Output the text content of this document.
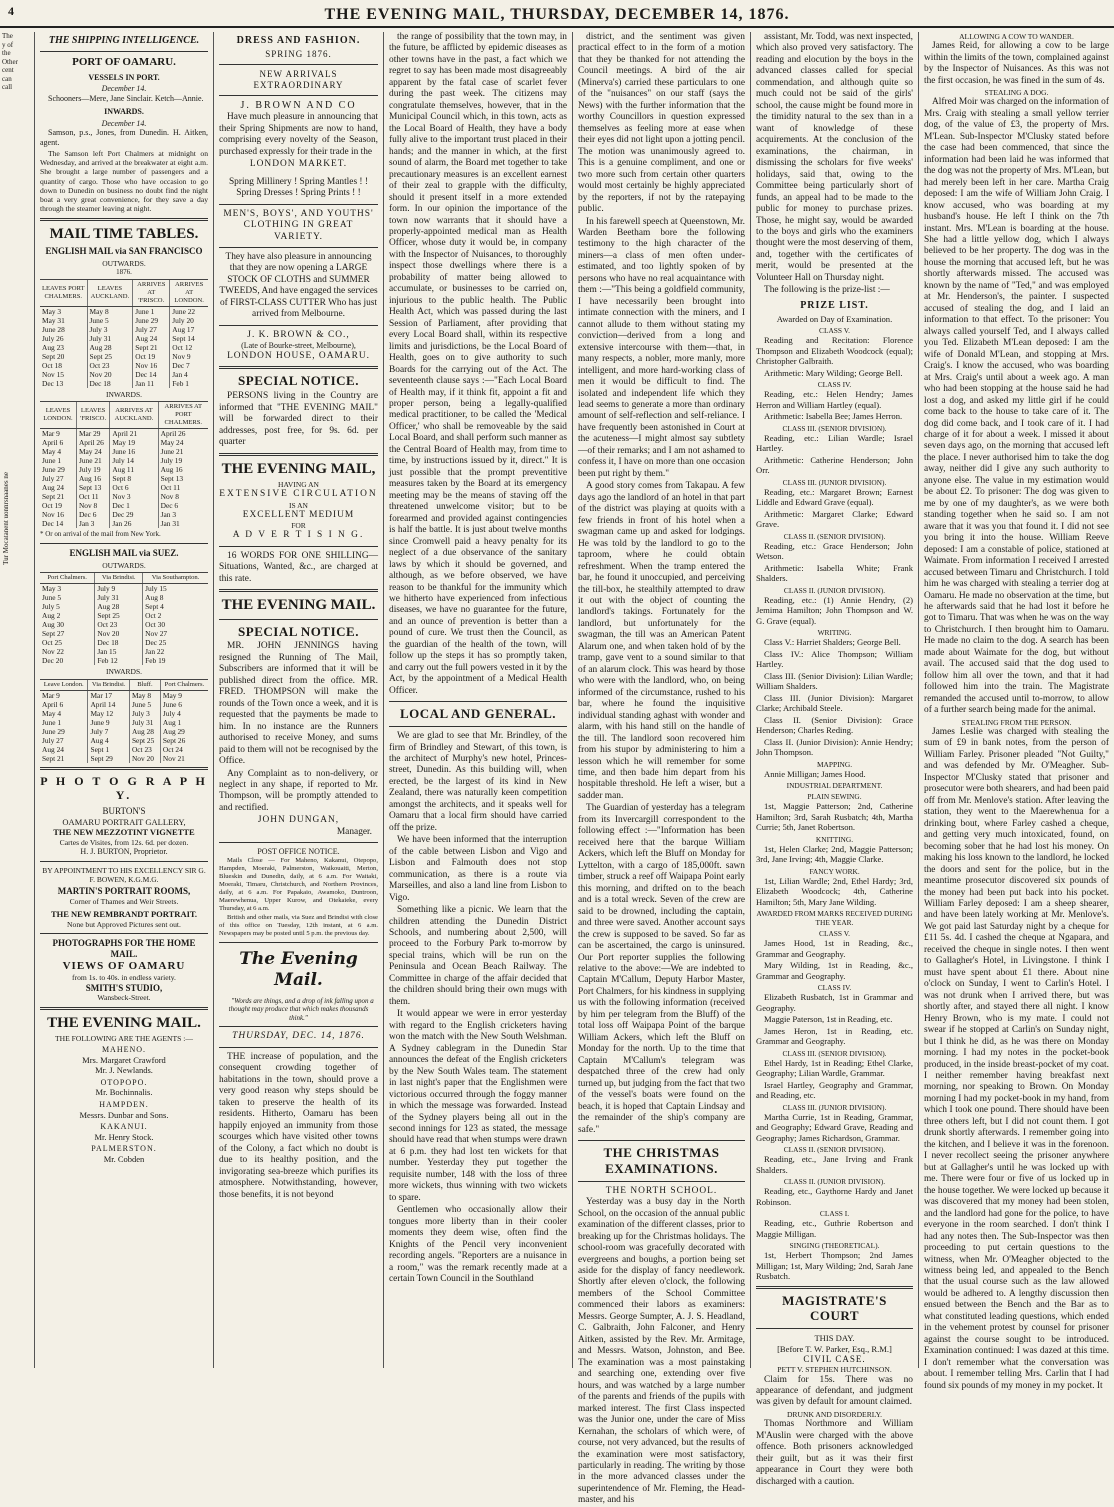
4	THE EVENING MAIL, THURSDAY, DECEMBER 14, 1876.
The
y of
the
Other
cent
can
call
Tur Mocatanent uonnrsnaanes ne
THE SHIPPING INTELLIGENCE.
PORT OF OAMARU.
VESSELS IN PORT.
December 14.

Schooners—Mere, Jane Sinclair. Ketch—Annie.

INWARDS.
December 14.

Samson, p.s., Jones, from Dunedin. H. Aitken, agent.

The Samson left Port Chalmers at midnight on Wednesday, and arrived at the breakwater at eight a.m. She brought a large number of passengers and a quantity of cargo. Those who have occasion to go down to Dunedin on business no doubt find the night boat a very great convenience, for they save a day through the steamer leaving at night.

MAIL TIME TABLES.
ENGLISH MAIL via SAN FRANCISCO
OUTWARDS.
1876.
LEAVES PORT CHALMERS.	LEAVES AUCKLAND.	ARRIVES AT 'FRISCO.	ARRIVES AT LONDON.
May 3	May 8	June 1	June 22
May 31	June 5	June 29	July 20
June 28	July 3	July 27	Aug 17
July 26	July 31	Aug 24	Sept 14
Aug 23	Aug 28	Sept 21	Oct 12
Sept 20	Sept 25	Oct 19	Nov 9
Oct 18	Oct 23	Nov 16	Dec 7
Nov 15	Nov 20	Dec 14	Jan 4
Dec 13	Dec 18	Jan 11	Feb 1
INWARDS.
LEAVES LONDON.	LEAVES 'FRISCO.	ARRIVES AT AUCKLAND.	ARRIVES AT PORT CHALMERS.
Mar 9	Mar 29	April 21	April 26
April 6	April 26	May 19	May 24
May 4	May 24	June 16	June 21
June 1	June 21	July 14	July 19
June 29	July 19	Aug 11	Aug 16
July 27	Aug 16	Sept 8	Sept 13
Aug 24	Sept 13	Oct 6	Oct 11
Sept 21	Oct 11	Nov 3	Nov 8
Oct 19	Nov 8	Dec 1	Dec 6
Nov 16	Dec 6	Dec 29	Jan 3
Dec 14	Jan 3	Jan 26	Jan 31
* Or on arrival of the mail from New York.
ENGLISH MAIL via SUEZ.
OUTWARDS.
Port Chalmers.	Via Brindisi.	Via Southampton.
May 3	July 9	July 15
June 5	July 31	Aug 8
July 5	Aug 28	Sept 4
Aug 2	Sept 25	Oct 2
Aug 30	Oct 23	Oct 30
Sept 27	Nov 20	Nov 27
Oct 25	Dec 18	Dec 25
Nov 22	Jan 15	Jan 22
Dec 20	Feb 12	Feb 19
INWARDS.
Leave London.	Via Brindisi.	Bluff.	Port Chalmers.
Mar 9	Mar 17	May 8	May 9
April 6	April 14	June 5	June 6
May 4	May 12	July 3	July 4
June 1	June 9	July 31	Aug 1
June 29	July 7	Aug 28	Aug 29
July 27	Aug 4	Sept 25	Sept 26
Aug 24	Sept 1	Oct 23	Oct 24
Sept 21	Sept 29	Nov 20	Nov 21
P H O T O G R A P H Y.
BURTON'S
OAMARU PORTRAIT GALLERY,
THE NEW MEZZOTINT VIGNETTE
Cartes de Visites, from 12s. 6d. per dozen.
H. J. BURTON, Proprietor.
BY APPOINTMENT TO HIS EXCELLENCY SIR G. F. BOWEN, K.G.M.G.
MARTIN'S PORTRAIT ROOMS,
Corner of Thames and Weir Streets.
THE NEW REMBRANDT PORTRAIT.
None but Approved Pictures sent out.
PHOTOGRAPHS FOR THE HOME MAIL.
VIEWS OF OAMARU
from 1s. to 40s. in endless variety.
SMITH'S STUDIO,
Wansbeck-Street.
THE EVENING MAIL.
THE FOLLOWING ARE THE AGENTS :—
MAHENO.
Mrs. Margaret Crawford
Mr. J. Newlands.
OTOPOPO.
Mr. Bochinnalis.
HAMPDEN.
Messrs. Dunbar and Sons.
KAKANUI.
Mr. Henry Stock.
PALMERSTON.
Mr. Cobden
DRESS AND FASHION.
SPRING 1876.
NEW ARRIVALS EXTRAORDINARY
J. BROWN AND CO

Have much pleasure in announcing that their Spring Shipments are now to hand, comprising every novelty of the Season, purchased expressly for their trade in the

LONDON MARKET.
Spring Millinery ! Spring Mantles ! !
Spring Dresses ! Spring Prints ! !
MEN'S, BOYS', AND YOUTHS' CLOTHING IN GREAT VARIETY.

They have also pleasure in announcing that they are now opening a LARGE STOCK OF CLOTHS and SUMMER TWEEDS, And have engaged the services of FIRST-CLASS CUTTER Who has just arrived from Melbourne.

J. K. BROWN & CO.,
(Late of Bourke-street, Melbourne),
LONDON HOUSE, OAMARU.
SPECIAL NOTICE.

PERSONS living in the Country are informed that "THE EVENING MAIL" will be forwarded direct to their addresses, post free, for 9s. 6d. per quarter

THE EVENING MAIL,
HAVING AN
EXTENSIVE CIRCULATION
IS AN
EXCELLENT MEDIUM
FOR
A D V E R T I S I N G.

16 WORDS FOR ONE SHILLING— Situations, Wanted, &c., are charged at this rate.

THE EVENING MAIL.
SPECIAL NOTICE.

MR. JOHN JENNINGS having resigned the Running of The Mail, Subscribers are informed that it will be published direct from the office. MR. FRED. THOMPSON will make the rounds of the Town once a week, and it is requested that the payments be made to him. In no instance are the Runners authorised to receive Money, and sums paid to them will not be recognised by the Office.

Any Complaint as to non-delivery, or neglect in any shape, if reported to Mr. Thompson, will be promptly attended to and rectified.

JOHN DUNGAN,
Manager.
POST OFFICE NOTICE.

Mails Close — For Maheno, Kakanui, Otepopo, Hampden, Moeraki, Palmerston, Waikouaiti, Merton, Blueskin and Dunedin, daily, at 6 a.m. For Waitaki, Moeraki, Timaru, Christchurch, and Northern Provinces, daily, at 6 a.m. For Papakaio, Awamoko, Duntroon, Maerewhenua, Upper Kurow, and Otekaieke, every Thursday, at 6 a.m.

British and other mails, via Suez and Brindisi with close of this office on Tuesday, 12th instant, at 6 a.m. Newspapers may be posted until 5 p.m. the previous day.

The Evening Mail.

"Words are things, and a drop of ink falling upon a thought may produce that which makes thousands think."

THURSDAY, DEC. 14, 1876.

THE increase of population, and the consequent crowding together of habitations in the town, should prove a very good reason why steps should be taken to preserve the health of its residents. Hitherto, Oamaru has been happily enjoyed an immunity from those scourges which have visited other towns of the Colony, a fact which no doubt is due to its healthy position, and the invigorating sea-breeze which purifies its atmosphere. Notwithstanding, however, those benefits, it is not beyond

the range of possibility that the town may, in the future, be afflicted by epidemic diseases as other towns have in the past, a fact which we regret to say has been made most disagreeably apparent by the fatal case of scarlet fever during the past week. The citizens may congratulate themselves, however, that in the Municipal Council which, in this town, acts as the Local Board of Health, they have a body fully alive to the important trust placed in their hands; and the manner in which, at the first sound of alarm, the Board met together to take precautionary measures is an excellent earnest of their zeal to grapple with the difficulty, should it present itself in a more extended form. In our opinion the importance of the town now warrants that it should have a properly-appointed medical man as Health Officer, whose duty it would be, in company with the Inspector of Nuisances, to thoroughly inspect those dwellings where there is a probability of matter being allowed to accumulate, or businesses to be carried on, injurious to the public health. The Public Health Act, which was passed during the last Session of Parliament, after providing that every Local Board shall, within its respective limits and jurisdictions, be the Local Board of Health, goes on to give authority to such Boards for the carrying out of the Act. The seventeenth clause says :—"Each Local Board of Health may, if it think fit, appoint a fit and proper person, being a legally-qualified medical practitioner, to be called the 'Medical Officer,' who shall be removeable by the said Local Board, and shall perform such manner as the Central Board of Health may, from time to time, by instructions issued by it, direct." It is just possible that the prompt preventitive measures taken by the Board at its emergency meeting may be the means of staving off the threatened unwelcome visitor; but to be forearmed and provided against contingencies is half the battle. It is just about twelve months since Cromwell paid a heavy penalty for its neglect of a due observance of the sanitary laws by which it should be governed, and although, as we before observed, we have reason to be thankful for the immunity which we hitherto have experienced from infectious diseases, we have no guarantee for the future, and an ounce of prevention is better than a pound of cure. We trust then the Council, as the guardian of the health of the town, will follow up the steps it has so promptly taken, and carry out the full powers vested in it by the Act, by the appointment of a Medical Health Officer.

LOCAL AND GENERAL.

We are glad to see that Mr. Brindley, of the firm of Brindley and Stewart, of this town, is the architect of Murphy's new hotel, Princes-street, Dunedin. As this building will, when erected, be the largest of its kind in New Zealand, there was naturally keen competition amongst the architects, and it speaks well for Oamaru that a local firm should have carried off the prize.

We have been informed that the interruption of the cable between Lisbon and Vigo and Lisbon and Falmouth does not stop communication, as there is a route via Marseilles, and also a land line from Lisbon to Vigo.

Something like a picnic. We learn that the children attending the Dunedin District Schools, and numbering about 2,500, will proceed to the Forbury Park to-morrow by special trains, which will be run on the Peninsula and Ocean Beach Railway. The Committee in charge of the affair decided that the children should bring their own mugs with them.

It would appear we were in error yesterday with regard to the English cricketers having won the match with the New South Welshman. A Sydney cablegram in the Dunedin Star announces the defeat of the English cricketers by the New South Wales team. The statement in last night's paper that the Englishmen were victorious occurred through the foggy manner in which the message was forwarded. Instead of the Sydney players being all out in the second innings for 123 as stated, the message should have read that when stumps were drawn at 6 p.m. they had lost ten wickets for that number. Yesterday they put together the requisite number, 148 with the loss of three more wickets, thus winning with two wickets to spare.

Gentlemen who occasionally allow their tongues more liberty than in their cooler moments they deem wise, often find the Knights of the Pencil very inconvenient recording angels. "Reporters are a nuisance in a room," was the remark recently made at a certain Town Council in the Southland

district, and the sentiment was given practical effect to in the form of a motion that they be thanked for not attending the Council meetings. A bird of the air (Minerva's) carried these particulars to one of the "nuisances" on our staff (says the News) with the further information that the worthy Councillors in question expressed themselves as feeling more at ease when their eyes did not light upon a jotting pencil. The motion was unanimously agreed to. This is a genuine compliment, and one or two more such from certain other quarters would most certainly be highly appreciated by the reporters, if not by the ratepaying public.

In his farewell speech at Queenstown, Mr. Warden Beetham bore the following testimony to the high character of the miners—a class of men often under-estimated, and too lightly spoken of by persons who have no real acquaintance with them :—"This being a goldfield community, I have necessarily been brought into intimate connection with the miners, and I cannot allude to them without stating my conviction—derived from a long and extensive intercourse with them—that, in many respects, a nobler, more manly, more intelligent, and more hard-working class of men it would be difficult to find. The isolated and independent life which they lead seems to generate a more than ordinary amount of self-reflection and self-reliance. I have frequently been astonished in Court at the acuteness—I might almost say subtlety—of their remarks; and I am not ashamed to confess it, I have on more than one occasion been put right by them."

A good story comes from Takapau. A few days ago the landlord of an hotel in that part of the district was playing at quoits with a few friends in front of his hotel when a swagman came up and asked for lodgings. He was told by the landlord to go to the taproom, where he could obtain refreshment. When the tramp entered the bar, he found it unoccupied, and perceiving the till-box, he stealthily attempted to draw it out with the object of counting the landlord's takings. Fortunately for the landlord, but unfortunately for the swagman, the till was an American Patent Alarum one, and when taken hold of by the tramp, gave vent to a sound similar to that of an alarum clock. This was heard by those who were with the landlord, who, on being informed of the circumstance, rushed to his bar, where he found the inquisitive individual standing aghast with wonder and alarm, with his hand still on the handle of the till. The landlord soon recovered him from his stupor by administering to him a lesson which he will remember for some time, and then bade him depart from his hospitable threshold. He left a wiser, but a sadder man.

The Guardian of yesterday has a telegram from its Invercargill correspondent to the following effect :—"Information has been received here that the barque William Ackers, which left the Bluff on Monday for Lyttelton, with a cargo of 185,000ft. sawn timber, struck a reef off Waipapa Point early this morning, and drifted on to the beach and is a total wreck. Seven of the crew are said to be drowned, including the captain, and three were saved. Another account says the crew is supposed to be saved. So far as can be ascertained, the cargo is uninsured. Our Port reporter supplies the following relative to the above:—We are indebted to Captain M'Callum, Deputy Harbor Master, Port Chalmers, for his kindness in supplying us with the following information (received by him per telegram from the Bluff) of the total loss off Waipapa Point of the barque William Ackers, which left the Bluff on Monday for the north. Up to the time that Captain M'Callum's telegram was despatched three of the crew had only turned up, but judging from the fact that two of the vessel's boats were found on the beach, it is hoped that Captain Lindsay and the remainder of the ship's company are safe."

THE CHRISTMAS EXAMINATIONS.
THE NORTH SCHOOL.

Yesterday was a busy day in the North School, on the occasion of the annual public examination of the different classes, prior to breaking up for the Christmas holidays. The school-room was gracefully decorated with evergreens and boughs, a portion being set aside for the display of fancy needlework. Shortly after eleven o'clock, the following members of the School Committee commenced their labors as examiners: Messrs. George Sumpter, A. J. S. Headland, C. Galbraith, John Falconer, and Henry Aitken, assisted by the Rev. Mr. Armitage, and Messrs. Watson, Johnston, and Bee. The examination was a most painstaking and searching one, extending over five hours, and was watched by a large number of the parents and friends of the pupils with marked interest. The first Class inspected was the Junior one, under the care of Miss Kernahan, the scholars of which were, of course, not very advanced, but the results of the examination were most satisfactory, particularly in reading. The writing by those in the more advanced classes under the superintendence of Mr. Fleming, the Head-master, and his

assistant, Mr. Todd, was next inspected, which also proved very satisfactory. The reading and elocution by the boys in the advanced classes called for special commendation, and although quite so much could not be said of the girls' school, the cause might be found more in the timidity natural to the sex than in a want of knowledge of these acquirements. At the conclusion of the examinations, the chairman, in dismissing the scholars for five weeks' holidays, said that, owing to the Committee being particularly short of funds, an appeal had to be made to the public for money to purchase prizes. Those, he might say, would be awarded to the boys and girls who the examiners thought were the most deserving of them, and, together with the certificates of merit, would be presented at the Volunteer Hall on Thursday night.

The following is the prize-list :—

PRIZE LIST.
Awarded on Day of Examination.
CLASS V.

Reading and Recitation: Florence Thompson and Elizabeth Woodcock (equal); Christopher Galbraith.

Arithmetic: Mary Wilding; George Bell.

CLASS IV.

Reading, etc.: Helen Hendry; James Herron and William Hartley (equal).

Arithmetic: Isabella Bee; James Herron.

CLASS III. (SENIOR DIVISION).

Reading, etc.: Lilian Wardle; Israel Hartley.

Arithmetic: Catherine Henderson; John Orr.

CLASS III. (JUNIOR DIVISION).

Reading, etc.: Margaret Brown; Earnest Liddle and Edward Grave (equal).

Arithmetic: Margaret Clarke; Edward Grave.

CLASS II. (SENIOR DIVISION).

Reading, etc.: Grace Henderson; John Wetson.

Arithmetic: Isabella White; Frank Shalders.

CLASS II. (JUNIOR DIVISION).

Reading, etc.: (1) Annie Hendry, (2) Jemima Hamilton; John Thompson and W. G. Grave (equal).

WRITING.

Class V.: Harriet Shalders; George Bell.

Class IV.: Alice Thompson; William Hartley.

Class III. (Senior Division): Lilian Wardle; William Shalders.

Class III. (Junior Division): Margaret Clarke; Archibald Steele.

Class II. (Senior Division): Grace Henderson; Charles Reding.

Class II. (Junior Division): Annie Hendry; John Thompson.

MAPPING.

Annie Milligan; James Hood.

INDUSTRIAL DEPARTMENT.
PLAIN SEWING.

1st, Maggie Patterson; 2nd, Catherine Hamilton; 3rd, Sarah Rusbatch; 4th, Martha Currie; 5th, Janet Robertson.

KNITTING.

1st, Helen Clarke; 2nd, Maggie Patterson; 3rd, Jane Irving; 4th, Maggie Clarke.

FANCY WORK.

1st, Lilian Wardle; 2nd, Ethel Hardy; 3rd, Elizabeth Woodcock; 4th, Catherine Hamilton; 5th, Mary Jane Wilding.

AWARDED FROM MARKS RECEIVED DURING THE YEAR.
CLASS V.

James Hood, 1st in Reading, &c., Grammar and Geography.

Mary Wilding, 1st in Reading, &c., Grammar and Geography.

CLASS IV.

Elizabeth Rusbatch, 1st in Grammar and Geography.

Maggie Paterson, 1st in Reading, etc.

James Heron, 1st in Reading, etc. Grammar and Geography.

CLASS III. (SENIOR DIVISION).

Ethel Hardy, 1st in Reading; Ethel Clarke, Geography; Lilian Wardle, Grammar.

Israel Hartley, Geography and Grammar, and Reading, etc.

CLASS III. (JUNIOR DIVISION).

Martha Currie, 1st in Reading, Grammar, and Geography; Edward Grave, Reading and Geography; James Richardson, Grammar.

CLASS II. (SENIOR DIVISION).

Reading, etc., Jane Irving and Frank Shalders.

CLASS II. (JUNIOR DIVISION).

Reading, etc., Gaythorne Hardy and Janet Robinson.

CLASS I.

Reading, etc., Guthrie Robertson and Maggie Milligan.

SINGING (THEORETICAL).

1st, Herbert Thompson; 2nd James Milligan; 1st, Mary Wilding; 2nd, Sarah Jane Rusbatch.

MAGISTRATE'S COURT
THIS DAY.
[Before T. W. Parker, Esq., R.M.]
CIVIL CASE.
PETT V. STEPHEN HUTCHINSON.

Claim for 15s. There was no appearance of defendant, and judgment was given by default for amount claimed.

DRUNK AND DISORDERLY.

Thomas Northmore and William M'Auslin were charged with the above offence. Both prisoners acknowledged their guilt, but as it was their first appearance in Court they were both discharged with a caution.

ALLOWING A COW TO WANDER.

James Reid, for allowing a cow to be large within the limits of the town, complained against by the Inspector of Nuisances. As this was not the first occasion, he was fined in the sum of 4s.

STEALING A DOG.

Alfred Moir was charged on the information of Mrs. Craig with stealing a small yellow terrier dog, of the value of £3, the property of Mrs. M'Lean. Sub-Inspector M'Clusky stated before the case had been commenced, that since the information had been laid he was informed that the dog was not the property of Mrs. M'Lean, but had merely been left in her care. Martha Craig deposed: I am the wife of William John Craig. I know accused, who was boarding at my husband's house. He left I think on the 7th instant. Mrs. M'Lean is boarding at the house. She had a little yellow dog, which I always believed to be her property. The dog was in the house the morning that accused left, but he was shortly afterwards missed. The accused was known by the name of "Ted," and was employed at Mr. Henderson's, the painter. I suspected accused of stealing the dog, and I laid an information to that effect. To the prisoner: You always called yourself Ted, and I always called you Ted. Elizabeth M'Lean deposed: I am the wife of Donald M'Lean, and stopping at Mrs. Craig's. I know the accused, who was boarding at Mrs. Craig's until about a week ago. A man who had been stopping at the house said he had lost a dog, and asked my little girl if he could come back to the house to take care of it. The dog did come back, and I took care of it. I had charge of it for about a week. I missed it about seven days ago, on the morning that accused left the place. I never authorised him to take the dog away, neither did I give any such authority to anyone else. The value in my estimation would be about £2. To prisoner: The dog was given to me by one of my daughter's, as we were both standing together when he said so. I am not aware that it was you that found it. I did not see you bring it into the house. William Reeve deposed: I am a constable of police, stationed at Waimate. From information I received I arrested accused between Timaru and Christchurch. I told him he was charged with stealing a terrier dog at Oamaru. He made no observation at the time, but he afterwards said that he had lost it before he got to Timaru. That was when he was on the way to Christchurch. I then brought him to Oamaru. He made no claim to the dog. A search has been made about Waimate for the dog, but without avail. The accused said that the dog used to follow him all over the town, and that it had followed him into the train. The Magistrate remanded the accused until to-morrow, to allow of a further search being made for the animal.

STEALING FROM THE PERSON.

James Leslie was charged with stealing the sum of £9 in bank notes, from the person of William Farley. Prisoner pleaded "Not Guilty," and was defended by Mr. O'Meagher. Sub-Inspector M'Clusky stated that prisoner and prosecutor were both shearers, and had been paid off from Mr. Menlove's station. After leaving the station, they went to the Maerewhenua for a drinking bout, where Farley cashed a cheque, and getting very much intoxicated, found, on becoming sober that he had lost his money. On making his loss known to the landlord, he locked the doors and sent for the police, but in the meantime prosecutor discovered six pounds of the money had been put back into his pocket. William Farley deposed: I am a sheep shearer, and have been lately working at Mr. Menlove's. We got paid last Saturday night by a cheque for £11 5s. 4d. I cashed the cheque at Ngapara, and received the cheque in single notes. I then went to Gallagher's Hotel, in Livingstone. I think I must have spent about £1 there. About nine o'clock on Sunday, I went to Carlin's Hotel. I was not drunk when I arrived there, but was shortly after, and stayed there all night. I know Henry Brown, who is my mate. I could not swear if he stopped at Carlin's on Sunday night, but I think he did, as he was there on Monday morning. I had my notes in the pocket-book produced, in the inside breast-pocket of my coat. I neither remember having breakfast next morning, nor speaking to Brown. On Monday morning I had my pocket-book in my hand, from which I took one pound. There should have been three others left, but I did not count them. I got drunk shortly afterwards. I remember going into the kitchen, and I believe it was in the forenoon. I never recollect seeing the prisoner anywhere but at Gallagher's until he was locked up with me. There were four or five of us locked up in the house together. We were locked up because it was discovered that my money had been stolen, and the landlord had gone for the police, to have everyone in the room searched. I don't think I had any notes then. The Sub-Inspector was then proceeding to put certain questions to the witness, when Mr. O'Meagher objected to the witness being led, and appealed to the Bench that the usual course such as the law allowed would be adhered to. A lengthy discussion then ensued between the Bench and the Bar as to what constituted leading questions, which ended in the vehement protest by counsel for prisoner against the course sought to be introduced. Examination continued: I was dazed at this time. I don't remember what the conversation was about. I remember telling Mrs. Carlin that I had found six pounds of my money in my pocket. It
